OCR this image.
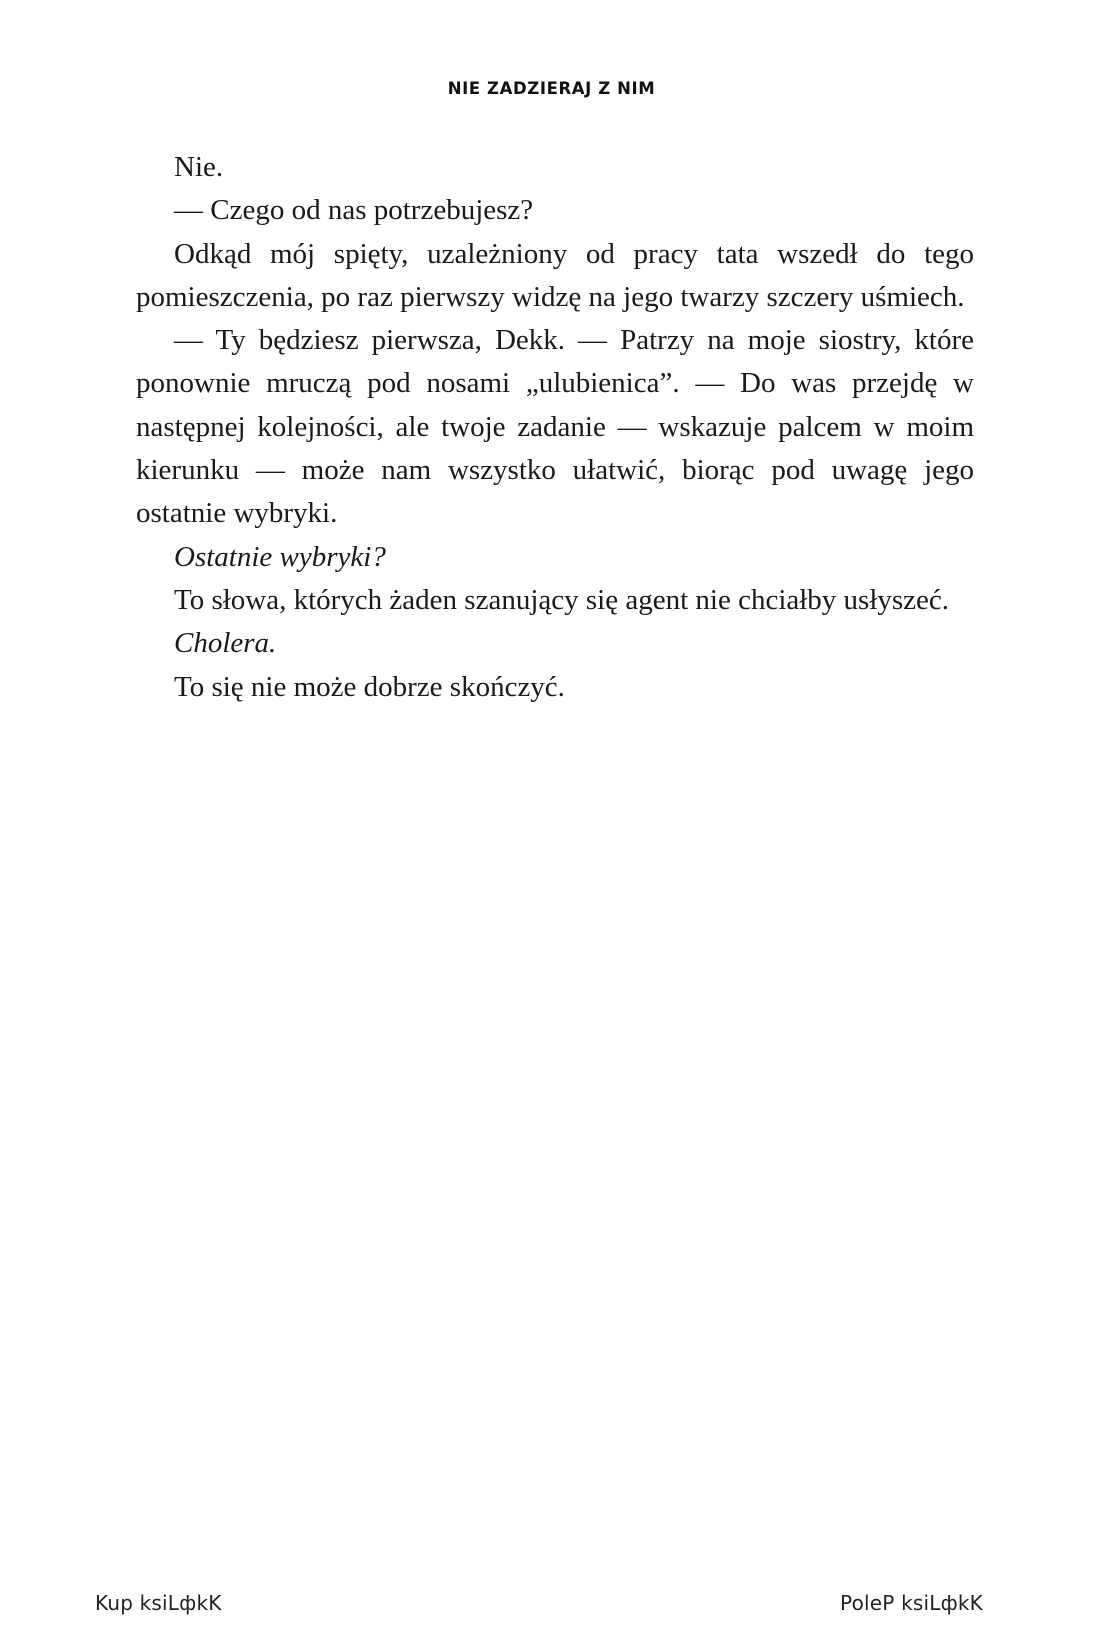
NIE ZADZIERAJ Z NIM

Nie.

— Czego od nas potrzebujesz?

Odkąd mój spięty, uzależniony od pracy tata wszedł do tego pomieszczenia, po raz pierwszy widzę na jego twarzy szczery uśmiech.

— Ty będziesz pierwsza, Dekk. — Patrzy na moje siostry, które ponownie mruczą pod nosami „ulubienica”. — Do was przejdę w następnej kolejności, ale twoje zadanie — wskazuje palcem w moim kierunku — może nam wszystko ułatwić, biorąc pod uwagę jego ostatnie wybryki.

Ostatnie wybryki?

To słowa, których żaden szanujący się agent nie chciałby usłyszeć.

Cholera.

To się nie może dobrze skończyć.

Kup ksiLфkK	PoleP ksiLфkK
